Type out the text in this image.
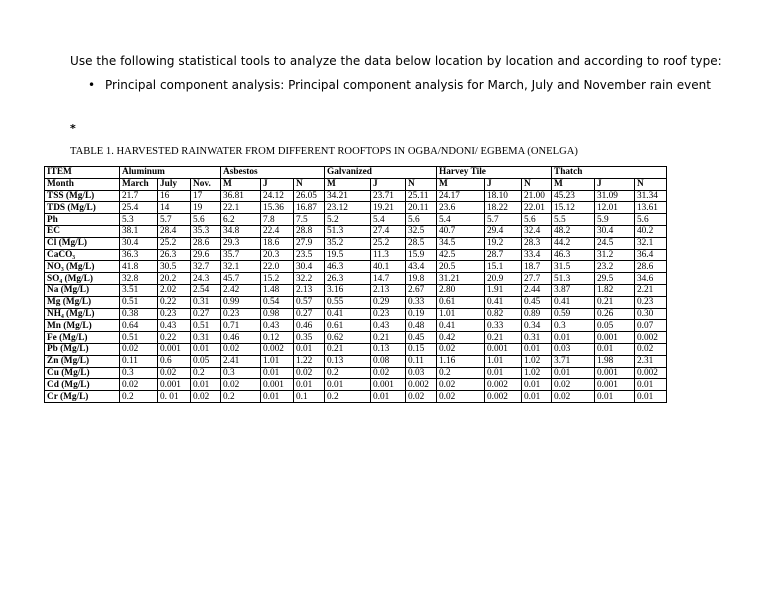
Use the following statistical tools to analyze the data below location by location and according to roof type:
• Principal component analysis: Principal component analysis for March, July and November rain event
*
TABLE 1. HARVESTED RAINWATER FROM DIFFERENT ROOFTOPS IN OGBA/NDONI/ EGBEMA (ONELGA)
ITEM	Aluminum			Asbestos			Galvanized			Harvey Tile			Thatch		
Month	March	July	Nov.	M	J	N	M	J	N	M	J	N	M	J	N
TSS (Mg/L)	21.7	16	17	36.81	24.12	26.05	34.21	23.71	25.11	24.17	18.10	21.00	45.23	31.09	31.34
TDS (Mg/L)	25.4	14	19	22.1	15.36	16.87	23.12	19.21	20.11	23.6	18.22	22.01	15.12	12.01	13.61
Ph	5.3	5.7	5.6	6.2	7.8	7.5	5.2	5.4	5.6	5.4	5.7	5.6	5.5	5.9	5.6
EC	38.1	28.4	35.3	34.8	22.4	28.8	51.3	27.4	32.5	40.7	29.4	32.4	48.2	30.4	40.2
Cl (Mg/L)	30.4	25.2	28.6	29.3	18.6	27.9	35.2	25.2	28.5	34.5	19.2	28.3	44.2	24.5	32.1
CaCO₃	36.3	26.3	29.6	35.7	20.3	23.5	19.5	11.3	15.9	42.5	28.7	33.4	46.3	31.2	36.4
NO₃ (Mg/L)	41.8	30.5	32.7	32.1	22.0	30.4	46.3	40.1	43.4	20.5	15.1	18.7	31.5	23.2	28.6
SO₄ (Mg/L)	32.8	20.2	24.3	45.7	15.2	32.2	26.3	14.7	19.8	31.21	20.9	27.7	51.3	29.5	34.6
Na (Mg/L)	3.51	2.02	2.54	2.42	1.48	2.13	3.16	2.13	2.67	2.80	1.91	2.44	3.87	1.82	2.21
Mg (Mg/L)	0.51	0.22	0.31	0.99	0.54	0.57	0.55	0.29	0.33	0.61	0.41	0.45	0.41	0.21	0.23
NH₄ (Mg/L)	0.38	0.23	0.27	0.23	0.98	0.27	0.41	0.23	0.19	1.01	0.82	0.89	0.59	0.26	0.30
Mn (Mg/L)	0.64	0.43	0.51	0.71	0.43	0.46	0.61	0.43	0.48	0.41	0.33	0.34	0.3	0.05	0.07
Fe (Mg/L)	0.51	0.22	0.31	0.46	0.12	0.35	0.62	0.21	0.45	0.42	0.21	0.31	0.01	0.001	0.002
Pb (Mg/L)	0.02	0.001	0.01	0.02	0.002	0.01	0.21	0.13	0.15	0.02	0.001	0.01	0.03	0.01	0.02
Zn (Mg/L)	0.11	0.6	0.05	2.41	1.01	1.22	0.13	0.08	0.11	1.16	1.01	1.02	3.71	1.98	2.31
Cu (Mg/L)	0.3	0.02	0.2	0.3	0.01	0.02	0.2	0.02	0.03	0.2	0.01	1.02	0.01	0.001	0.002
Cd (Mg/L)	0.02	0.001	0.01	0.02	0.001	0.01	0.01	0.001	0.002	0.02	0.002	0.01	0.02	0.001	0.01
Cr (Mg/L)	0.2	0. 01	0.02	0.2	0.01	0.1	0.2	0.01	0.02	0.02	0.002	0.01	0.02	0.01	0.01
